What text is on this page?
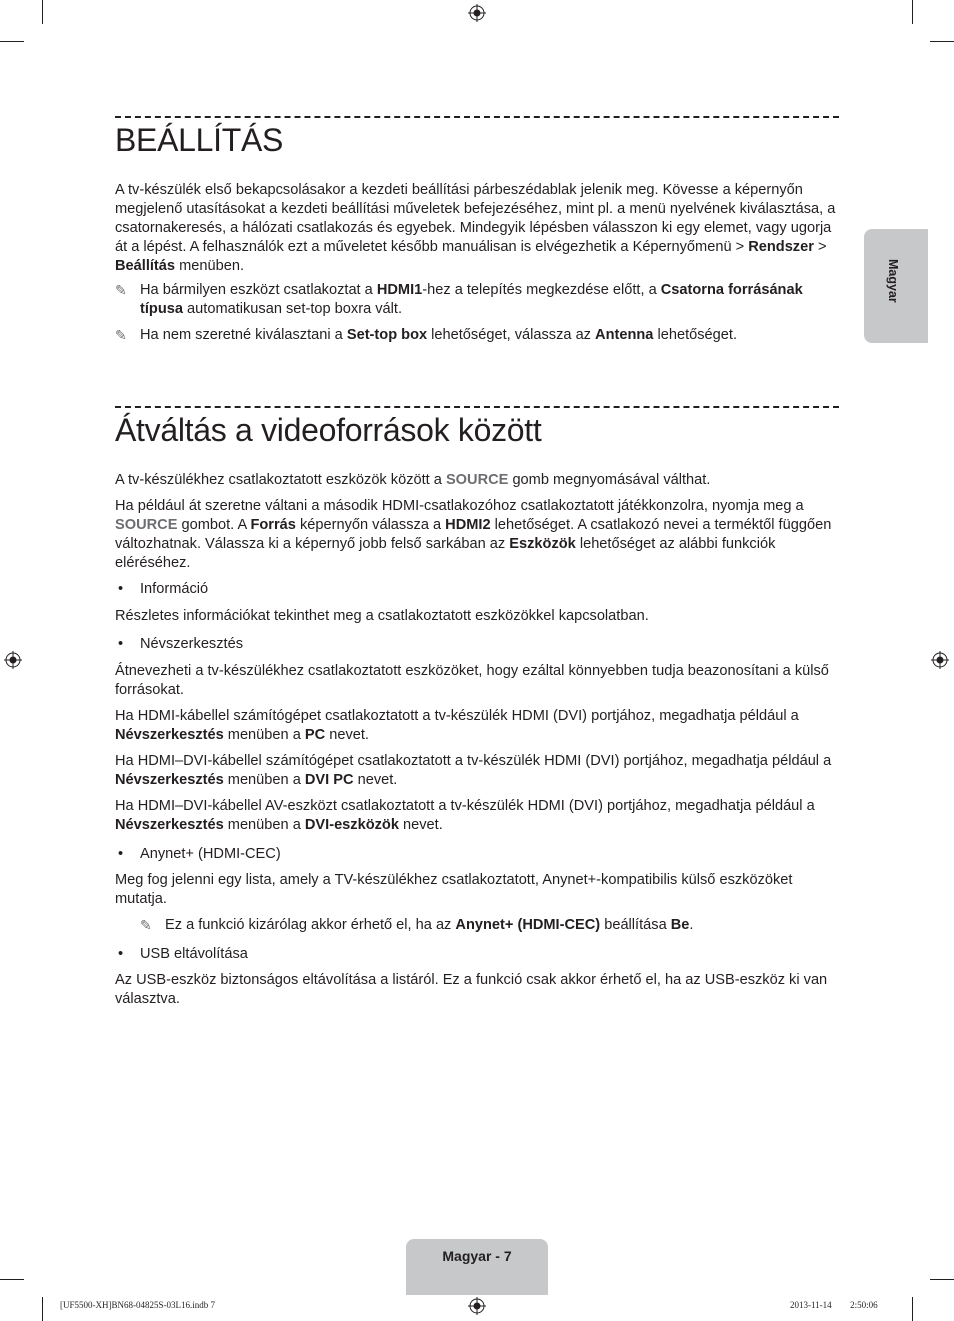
Magyar
BEÁLLÍTÁS

A tv-készülék első bekapcsolásakor a kezdeti beállítási párbeszédablak jelenik meg. Kövesse a képernyőn megjelenő utasításokat a kezdeti beállítási műveletek befejezéséhez, mint pl. a menü nyelvének kiválasztása, a csatornakeresés, a hálózati csatlakozás és egyebek. Mindegyik lépésben válasszon ki egy elemet, vagy ugorja át a lépést. A felhasználók ezt a műveletet később manuálisan is elvégezhetik a Képernyőmenü > Rendszer > Beállítás menüben.

✎ Ha bármilyen eszközt csatlakoztat a HDMI1-hez a telepítés megkezdése előtt, a Csatorna forrásának típusa automatikusan set-top boxra vált.

✎ Ha nem szeretné kiválasztani a Set-top box lehetőséget, válassza az Antenna lehetőséget.

Átváltás a videoforrások között

A tv-készülékhez csatlakoztatott eszközök között a SOURCE gomb megnyomásával válthat.

Ha például át szeretne váltani a második HDMI-csatlakozóhoz csatlakoztatott játékkonzolra, nyomja meg a SOURCE gombot. A Forrás képernyőn válassza a HDMI2 lehetőséget. A csatlakozó nevei a terméktől függően változhatnak. Válassza ki a képernyő jobb felső sarkában az Eszközök lehetőséget az alábbi funkciók eléréséhez.

•	Információ

Részletes információkat tekinthet meg a csatlakoztatott eszközökkel kapcsolatban.

•	Névszerkesztés

Átnevezheti a tv-készülékhez csatlakoztatott eszközöket, hogy ezáltal könnyebben tudja beazonosítani a külső forrásokat.

Ha HDMI-kábellel számítógépet csatlakoztatott a tv-készülék HDMI (DVI) portjához, megadhatja például a Névszerkesztés menüben a PC nevet.

Ha HDMI–DVI-kábellel számítógépet csatlakoztatott a tv-készülék HDMI (DVI) portjához, megadhatja például a Névszerkesztés menüben a DVI PC nevet.

Ha HDMI–DVI-kábellel AV-eszközt csatlakoztatott a tv-készülék HDMI (DVI) portjához, megadhatja például a Névszerkesztés menüben a DVI-eszközök nevet.

•	Anynet+ (HDMI-CEC)

Meg fog jelenni egy lista, amely a TV-készülékhez csatlakoztatott, Anynet+-kompatibilis külső eszközöket mutatja.

✎ Ez a funkció kizárólag akkor érhető el, ha az Anynet+ (HDMI-CEC) beállítása Be.

•	USB eltávolítása

Az USB-eszköz biztonságos eltávolítása a listáról. Ez a funkció csak akkor érhető el, ha az USB-eszköz ki van választva.

Magyar - 7
[UF5500-XH]BN68-04825S-03L16.indb 7	2013-11-14 ￿￿ 2:50:06
